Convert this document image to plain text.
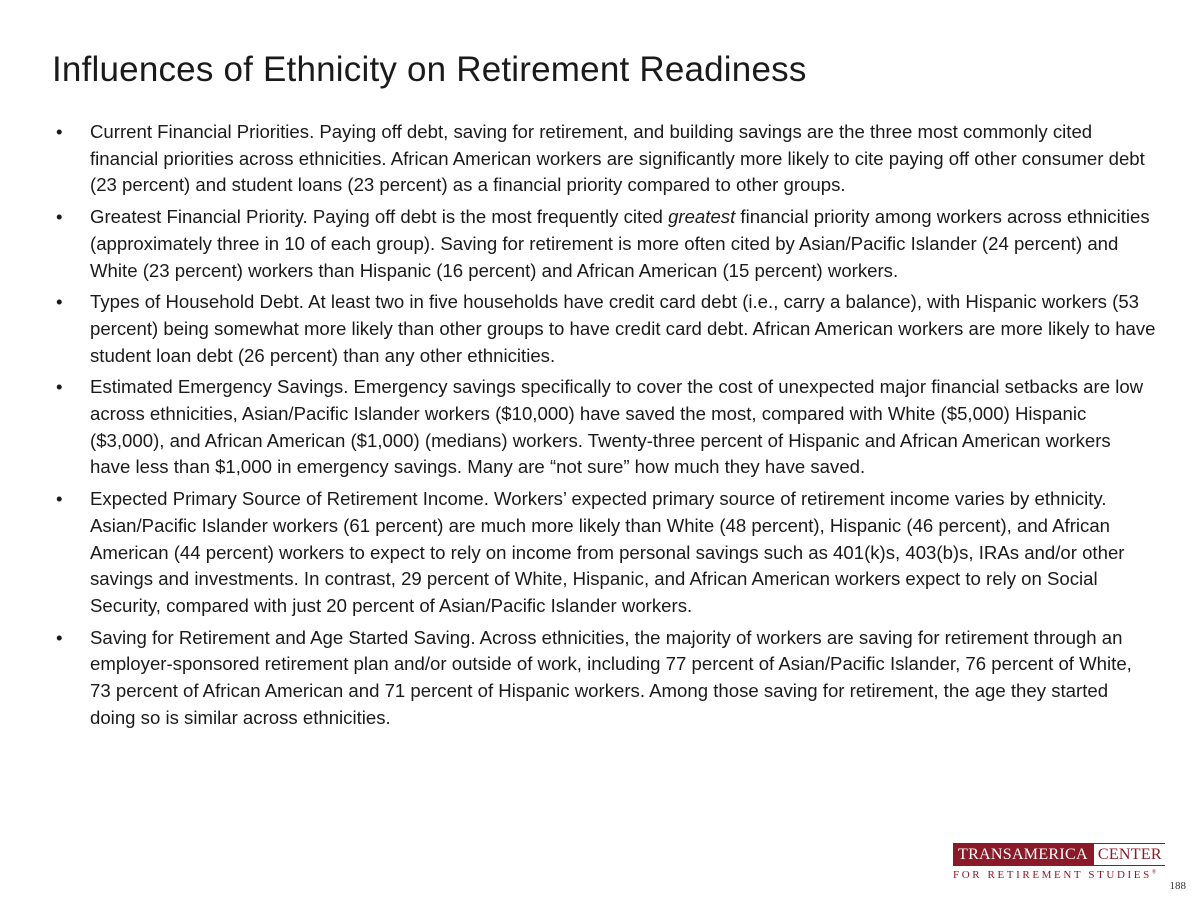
Influences of Ethnicity on Retirement Readiness
• Current Financial Priorities. Paying off debt, saving for retirement, and building savings are the three most commonly cited financial priorities across ethnicities. African American workers are significantly more likely to cite paying off other consumer debt (23 percent) and student loans (23 percent) as a financial priority compared to other groups.
• Greatest Financial Priority. Paying off debt is the most frequently cited greatest financial priority among workers across ethnicities (approximately three in 10 of each group). Saving for retirement is more often cited by Asian/Pacific Islander (24 percent) and White (23 percent) workers than Hispanic (16 percent) and African American (15 percent) workers.
• Types of Household Debt. At least two in five households have credit card debt (i.e., carry a balance), with Hispanic workers (53 percent) being somewhat more likely than other groups to have credit card debt. African American workers are more likely to have student loan debt (26 percent) than any other ethnicities.
• Estimated Emergency Savings. Emergency savings specifically to cover the cost of unexpected major financial setbacks are low across ethnicities, Asian/Pacific Islander workers ($10,000) have saved the most, compared with White ($5,000) Hispanic ($3,000), and African American ($1,000) (medians) workers. Twenty-three percent of Hispanic and African American workers have less than $1,000 in emergency savings. Many are “not sure” how much they have saved.
• Expected Primary Source of Retirement Income. Workers’ expected primary source of retirement income varies by ethnicity. Asian/Pacific Islander workers (61 percent) are much more likely than White (48 percent), Hispanic (46 percent), and African American (44 percent) workers to expect to rely on income from personal savings such as 401(k)s, 403(b)s, IRAs and/or other savings and investments. In contrast, 29 percent of White, Hispanic, and African American workers expect to rely on Social Security, compared with just 20 percent of Asian/Pacific Islander workers.
• Saving for Retirement and Age Started Saving. Across ethnicities, the majority of workers are saving for retirement through an employer-sponsored retirement plan and/or outside of work, including 77 percent of Asian/Pacific Islander, 76 percent of White, 73 percent of African American and 71 percent of Hispanic workers. Among those saving for retirement, the age they started doing so is similar across ethnicities.
TRANSAMERICA CENTER
FOR RETIREMENT STUDIES®
188
